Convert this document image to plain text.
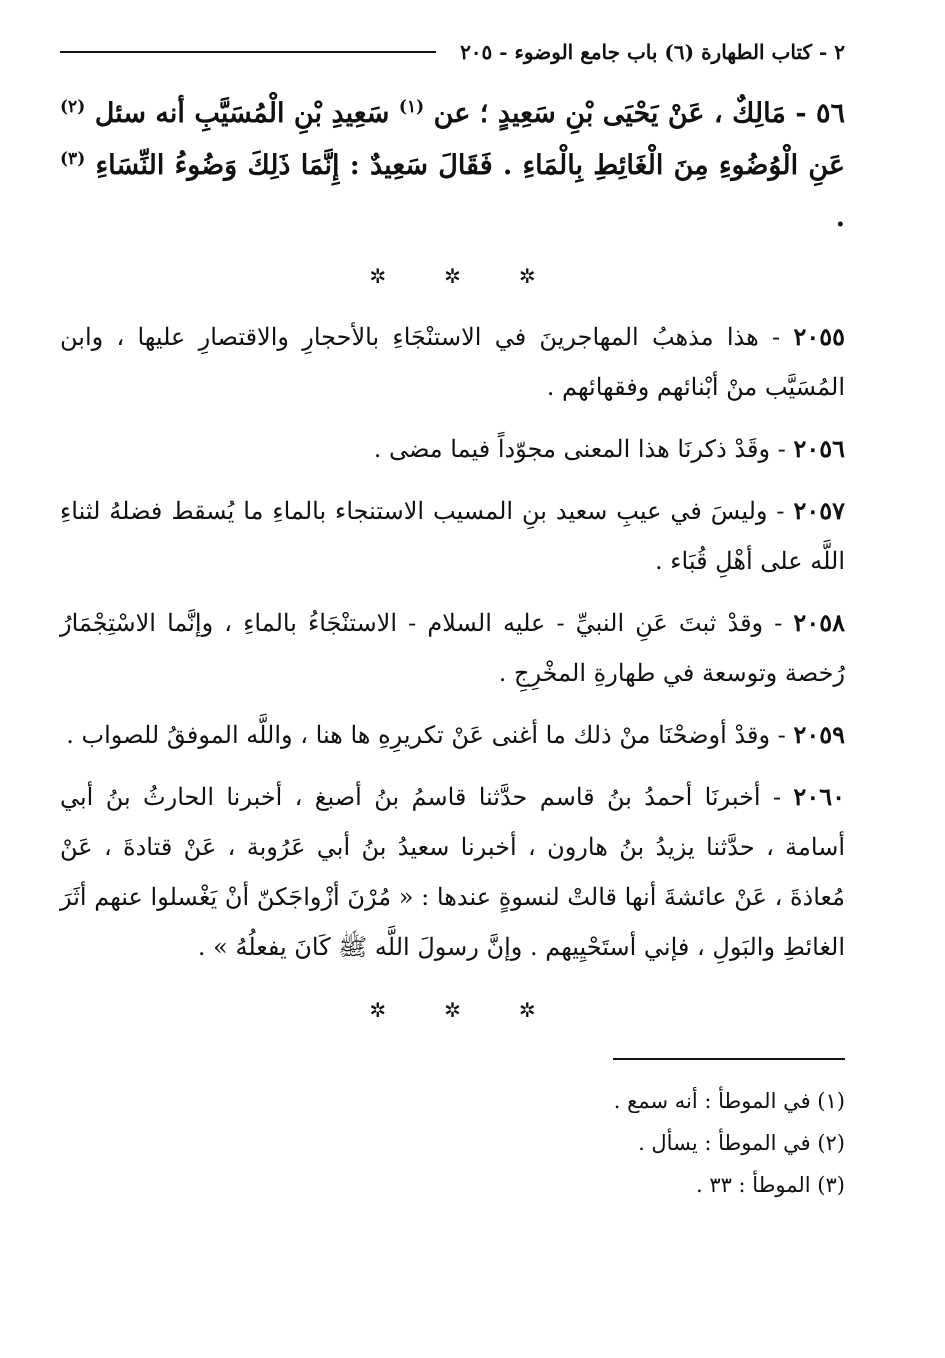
٢ - كتاب الطهارة (٦) باب جامع الوضوء - ٢٠٥
٥٦ - مَالِكٌ ، عَنْ يَحْيَى بْنِ سَعِيدٍ ؛ عن $^{(١)}$ سَعِيدِ بْنِ الْمُسَيَّبِ أنه سئل $^{(٢)}$ عَنِ الْوُضُوءِ مِنَ الْغَائِطِ بِالْمَاءِ . فَقَالَ سَعِيدٌ : إِنَّمَا ذَلِكَ وَضُوءُ النِّسَاءِ $^{(٣)}$ .
✲
✲
✲

٢٠٥٥ - هذا مذهبُ المهاجرينَ في الاستنْجَاءِ بالأحجارِ والاقتصارِ عليها ، وابن المُسَيَّب منْ أبْنائهم وفقهائهم .

٢٠٥٦ - وقَدْ ذكرنَا هذا المعنى مجوّداً فيما مضى .

٢٠٥٧ - وليسَ في عيبِ سعيد بنِ المسيب الاستنجاء بالماءِ ما يُسقط فضلهُ لثناءِ اللَّه على أهْلِ قُبَاء .

٢٠٥٨ - وقدْ ثبتَ عَنِ النبيِّ - عليه السلام - الاستنْجَاءُ بالماءِ ، وإنَّما الاسْتِجْمَارُ رُخصة وتوسعة في طهارةِ المخْرِجِ .

٢٠٥٩ - وقدْ أوضحْنَا منْ ذلك ما أغنى عَنْ تكريرِهِ ها هنا ، واللَّه الموفقُ للصواب .

٢٠٦٠ - أخبرنَا أحمدُ بنُ قاسم حدَّثنا قاسمُ بنُ أصبغ ، أخبرنا الحارثُ بنُ أبي أسامة ، حدَّثنا يزيدُ بنُ هارون ، أخبرنا سعيدُ بنُ أبي عَرُوبة ، عَنْ قتادةَ ، عَنْ مُعاذةَ ، عَنْ عائشةَ أنها قالتْ لنسوةٍ عندها : « مُرْنَ أزْواجَكنّ أنْ يَغْسلوا عنهم أثَرَ الغائطِ والبَولِ ، فإني أستَحْيِيهم . وإنَّ رسولَ اللَّه ﷺ كَانَ يفعلُهُ » .

✲
✲
✲
(١) في الموطأ : أنه سمع .
(٢) في الموطأ : يسأل .
(٣) الموطأ : ٣٣ .
